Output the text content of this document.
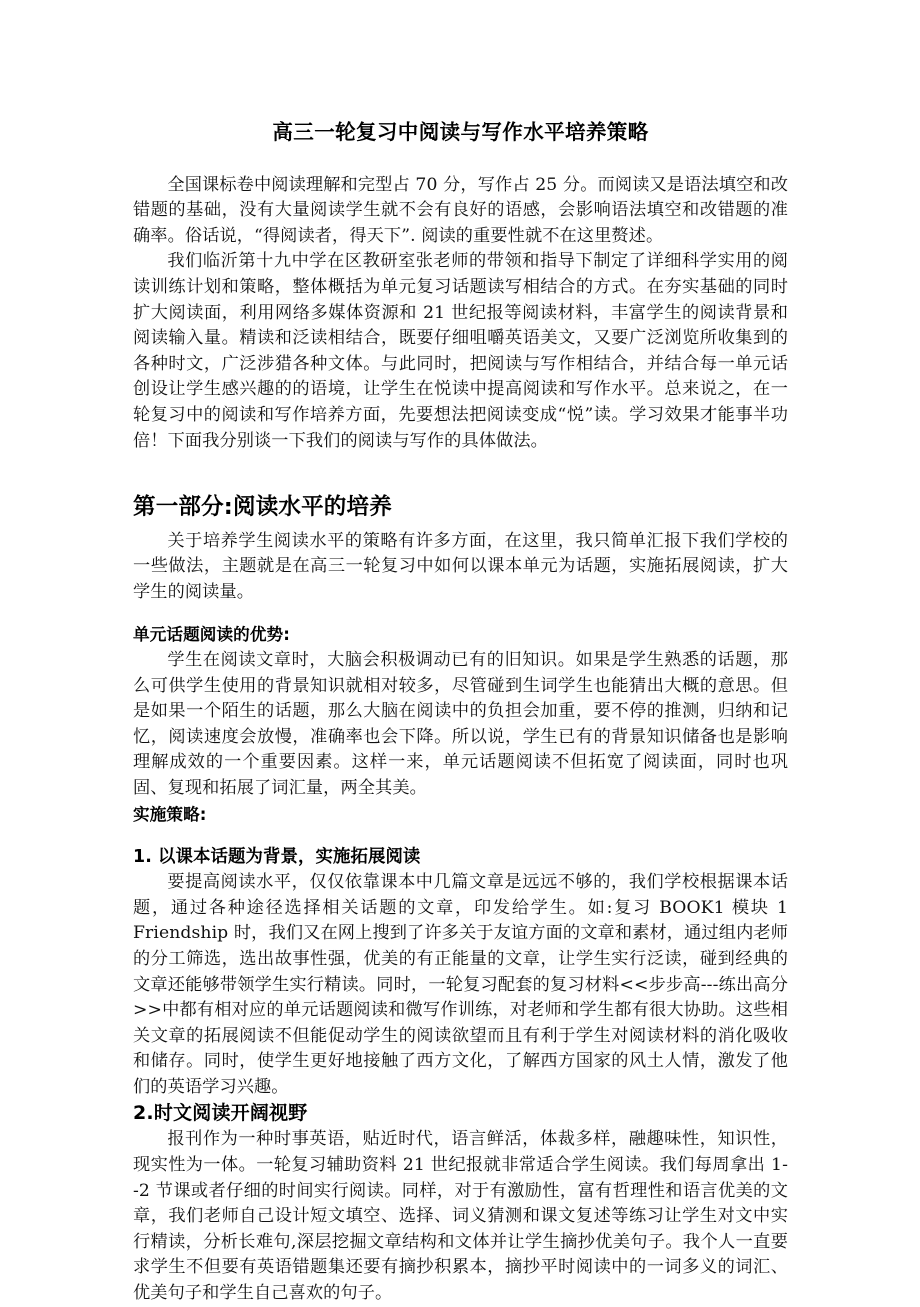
高三一轮复习中阅读与写作水平培养策略

全国课标卷中阅读理解和完型占 70 分，写作占 25 分。而阅读又是语法填空和改错题的基础，没有大量阅读学生就不会有良好的语感，会影响语法填空和改错题的准确率。俗话说，“得阅读者，得天下”. 阅读的重要性就不在这里赘述。

我们临沂第十九中学在区教研室张老师的带领和指导下制定了详细科学实用的阅读训练计划和策略，整体概括为单元复习话题读写相结合的方式。在夯实基础的同时扩大阅读面，利用网络多媒体资源和 21 世纪报等阅读材料，丰富学生的阅读背景和阅读输入量。精读和泛读相结合，既要仔细咀嚼英语美文，又要广泛浏览所收集到的各种时文，广泛涉猎各种文体。与此同时，把阅读与写作相结合，并结合每一单元话创设让学生感兴趣的的语境，让学生在悦读中提高阅读和写作水平。总来说之，在一轮复习中的阅读和写作培养方面，先要想法把阅读变成“悦”读。学习效果才能事半功倍！下面我分别谈一下我们的阅读与写作的具体做法。

第一部分:阅读水平的培养

关于培养学生阅读水平的策略有许多方面，在这里，我只简单汇报下我们学校的一些做法，主题就是在高三一轮复习中如何以课本单元为话题，实施拓展阅读，扩大学生的阅读量。

单元话题阅读的优势:

学生在阅读文章时，大脑会积极调动已有的旧知识。如果是学生熟悉的话题，那么可供学生使用的背景知识就相对较多，尽管碰到生词学生也能猜出大概的意思。但是如果一个陌生的话题，那么大脑在阅读中的负担会加重，要不停的推测，归纳和记忆，阅读速度会放慢，准确率也会下降。所以说，学生已有的背景知识储备也是影响理解成效的一个重要因素。这样一来，单元话题阅读不但拓宽了阅读面，同时也巩固、复现和拓展了词汇量，两全其美。

实施策略:
1. 以课本话题为背景，实施拓展阅读

要提高阅读水平，仅仅依靠课本中几篇文章是远远不够的，我们学校根据课本话题，通过各种途径选择相关话题的文章，印发给学生。如:复习 BOOK1 模块 1 Friendship 时，我们又在网上搜到了许多关于友谊方面的文章和素材，通过组内老师的分工筛选，选出故事性强，优美的有正能量的文章，让学生实行泛读，碰到经典的文章还能够带领学生实行精读。同时，一轮复习配套的复习材料<<步步高---练出高分>>中都有相对应的单元话题阅读和微写作训练，对老师和学生都有很大协助。这些相关文章的拓展阅读不但能促动学生的阅读欲望而且有利于学生对阅读材料的消化吸收和储存。同时，使学生更好地接触了西方文化，了解西方国家的风土人情，激发了他们的英语学习兴趣。

2.时文阅读开阔视野

报刊作为一种时事英语，贴近时代，语言鲜活，体裁多样，融趣味性，知识性，现实性为一体。一轮复习辅助资料 21 世纪报就非常适合学生阅读。我们每周拿出 1--2 节课或者仔细的时间实行阅读。同样，对于有激励性，富有哲理性和语言优美的文章，我们老师自己设计短文填空、选择、词义猜测和课文复述等练习让学生对文中实行精读，分析长难句,深层挖掘文章结构和文体并让学生摘抄优美句子。我个人一直要求学生不但要有英语错题集还要有摘抄积累本，摘抄平时阅读中的一词多义的词汇、优美句子和学生自己喜欢的句子。
